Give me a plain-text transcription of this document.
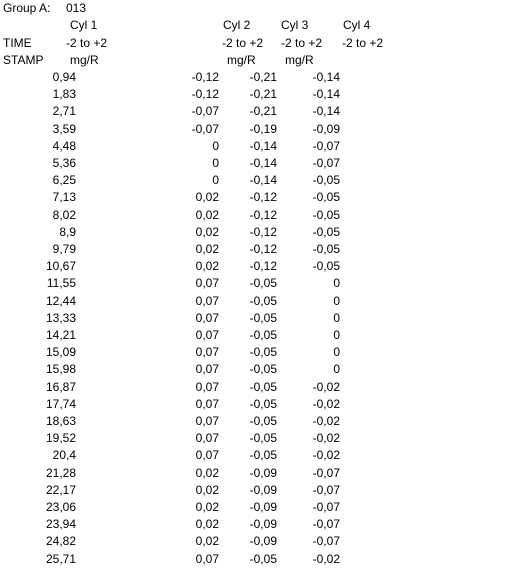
Group A: 013
Cyl 1	Cyl 2	Cyl 3	Cyl 4
TIME	-2 to +2	-2 to +2 -2 to +2 -2 to +2
STAMP mg/R	mg/R mg/R
0,94	-0,12	-0,21	-0,14
1,83	-0,12	-0,21	-0,14
2,71	-0,07	-0,21	-0,14
3,59	-0,07	-0,19	-0,09
4,48	0	-0,14	-0,07
5,36	0	-0,14	-0,07
6,25	0	-0,14	-0,05
7,13	0,02	-0,12	-0,05
8,02	0,02	-0,12	-0,05
8,9	0,02	-0,12	-0,05
9,79	0,02	-0,12	-0,05
10,67	0,02	-0,12	-0,05
11,55	0,07	-0,05	0
12,44	0,07	-0,05	0
13,33	0,07	-0,05	0
14,21	0,07	-0,05	0
15,09	0,07	-0,05	0
15,98	0,07	-0,05	0
16,87	0,07	-0,05	-0,02
17,74	0,07	-0,05	-0,02
18,63	0,07	-0,05	-0,02
19,52	0,07	-0,05	-0,02
20,4	0,07	-0,05	-0,02
21,28	0,02	-0,09	-0,07
22,17	0,02	-0,09	-0,07
23,06	0,02	-0,09	-0,07
23,94	0,02	-0,09	-0,07
24,82	0,02	-0,09	-0,07
25,71	0,07	-0,05	-0,02
